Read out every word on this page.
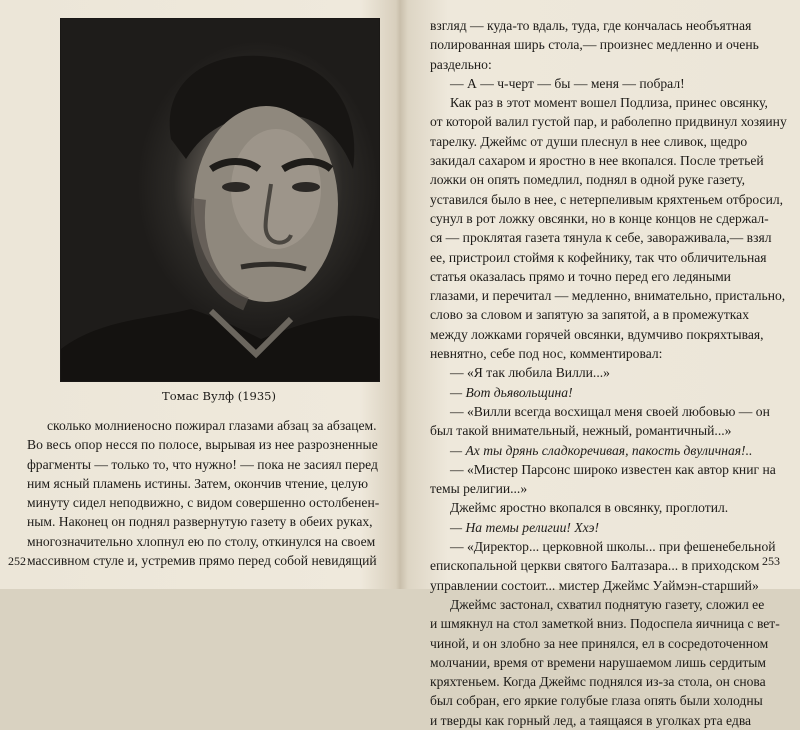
Томас Вулф (1935)

сколько молниеносно пожирал глазами абзац за абзацем.

Во весь опор несся по полосе, вырывая из нее разрозненные

фрагменты — только то, что нужно! — пока не засиял перед

ним ясный пламень истины. Затем, окончив чтение, целую

минуту сидел неподвижно, с видом совершенно остолбенен-

ным. Наконец он поднял развернутую газету в обеих руках,

многозначительно хлопнул ею по столу, откинулся на своем

массивном стуле и, устремив прямо перед собой невидящий

252

взгляд — куда-то вдаль, туда, где кончалась необъятная

полированная ширь стола,— произнес медленно и очень

раздельно:

— А — ч-черт — бы — меня — побрал!

Как раз в этот момент вошел Подлиза, принес овсянку,

от которой валил густой пар, и раболепно придвинул хозяину

тарелку. Джеймс от души плеснул в нее сливок, щедро

закидал сахаром и яростно в нее вкопался. После третьей

ложки он опять помедлил, поднял в одной руке газету,

уставился было в нее, с нетерпеливым кряхтеньем отбросил,

сунул в рот ложку овсянки, но в конце концов не сдержал-

ся — проклятая газета тянула к себе, завораживала,— взял

ее, пристроил стоймя к кофейнику, так что обличительная

статья оказалась прямо и точно перед его ледяными

глазами, и перечитал — медленно, внимательно, пристально,

слово за словом и запятую за запятой, а в промежутках

между ложками горячей овсянки, вдумчиво покряхтывая,

невнятно, себе под нос, комментировал:

— «Я так любила Вилли...»

— Вот дьявольщина!

— «Вилли всегда восхищал меня своей любовью — он

был такой внимательный, нежный, романтичный...»

— Ах ты дрянь сладкоречивая, пакость двуличная!..

— «Мистер Парсонс широко известен как автор книг на

темы религии...»

Джеймс яростно вкопался в овсянку, проглотил.

— На темы религии! Ххэ!

— «Директор... церковной школы... при фешенебельной

епископальной церкви святого Балтазара... в приходском

управлении состоит... мистер Джеймс Уаймэн-старший»

Джеймс застонал, схватил поднятую газету, сложил ее

и шмякнул на стол заметкой вниз. Подоспела яичница с вет-

чиной, и он злобно за нее принялся, ел в сосредоточенном

молчании, время от времени нарушаемом лишь сердитым

кряхтеньем. Когда Джеймс поднялся из-за стола, он снова

был собран, его яркие голубые глаза опять были холодны

и тверды как горный лед, а таящаяся в уголках рта едва

253
